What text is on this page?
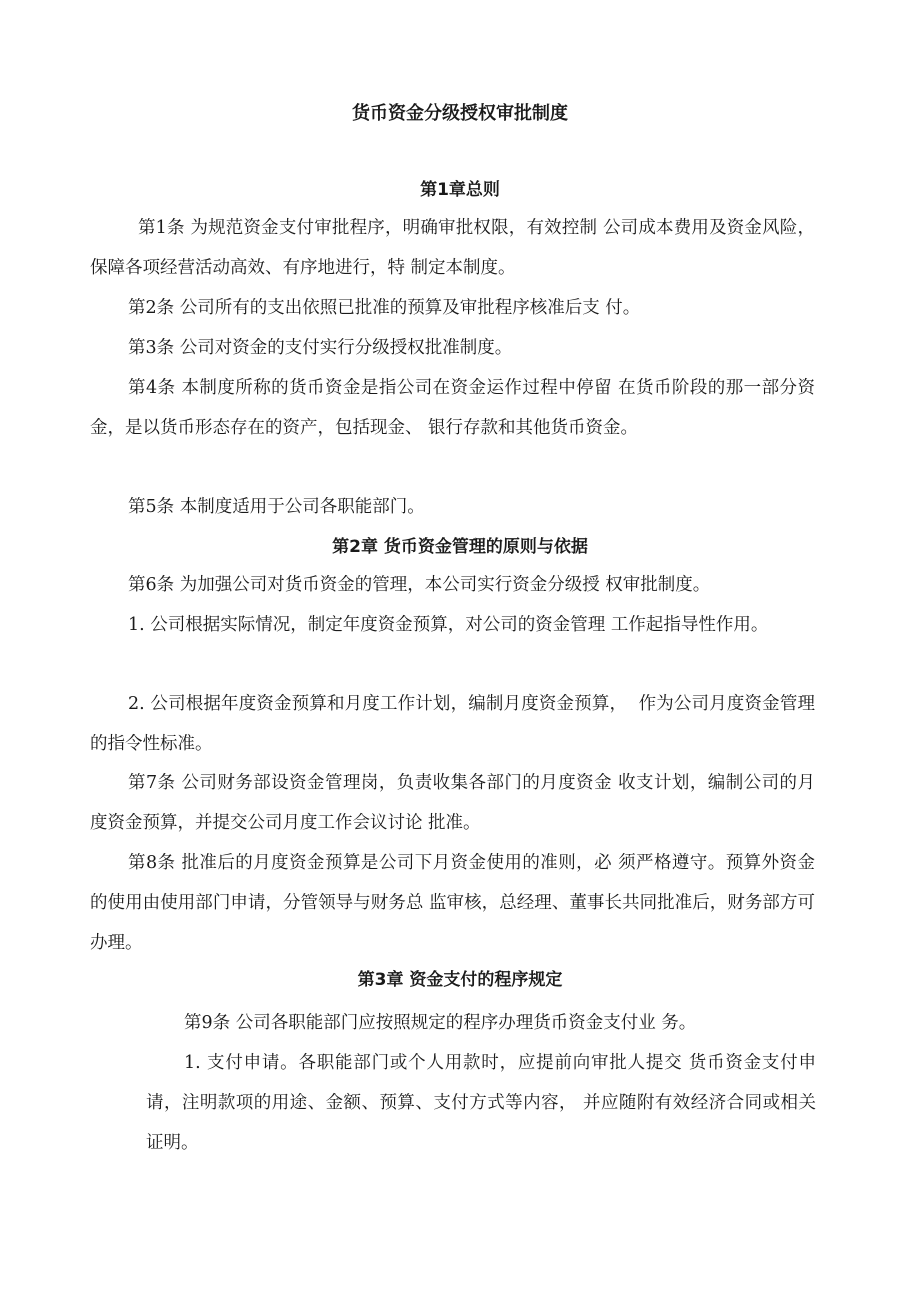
货币资金分级授权审批制度
第1章总则

第1条 为规范资金支付审批程序，明确审批权限，有效控制 公司成本费用及资金风险，保障各项经营活动高效、有序地进行，特 制定本制度。

第2条 公司所有的支出依照已批准的预算及审批程序核准后支 付。

第3条 公司对资金的支付实行分级授权批准制度。

第4条 本制度所称的货币资金是指公司在资金运作过程中停留 在货币阶段的那一部分资金，是以货币形态存在的资产，包括现金、 银行存款和其他货币资金。

第5条 本制度适用于公司各职能部门。

第2章 货币资金管理的原则与依据

第6条 为加强公司对货币资金的管理，本公司实行资金分级授 权审批制度。

1. 公司根据实际情况，制定年度资金预算，对公司的资金管理 工作起指导性作用。

2. 公司根据年度资金预算和月度工作计划，编制月度资金预算，  作为公司月度资金管理的指令性标准。

第7条 公司财务部设资金管理岗，负责收集各部门的月度资金 收支计划，编制公司的月度资金预算，并提交公司月度工作会议讨论 批准。

第8条 批准后的月度资金预算是公司下月资金使用的准则，必 须严格遵守。预算外资金的使用由使用部门申请，分管领导与财务总 监审核，总经理、董事长共同批准后，财务部方可办理。

第3章 资金支付的程序规定

第9条 公司各职能部门应按照规定的程序办理货币资金支付业 务。

1. 支付申请。各职能部门或个人用款时，应提前向审批人提交 货币资金支付申请，注明款项的用途、金额、预算、支付方式等内容， 并应随附有效经济合同或相关证明。
